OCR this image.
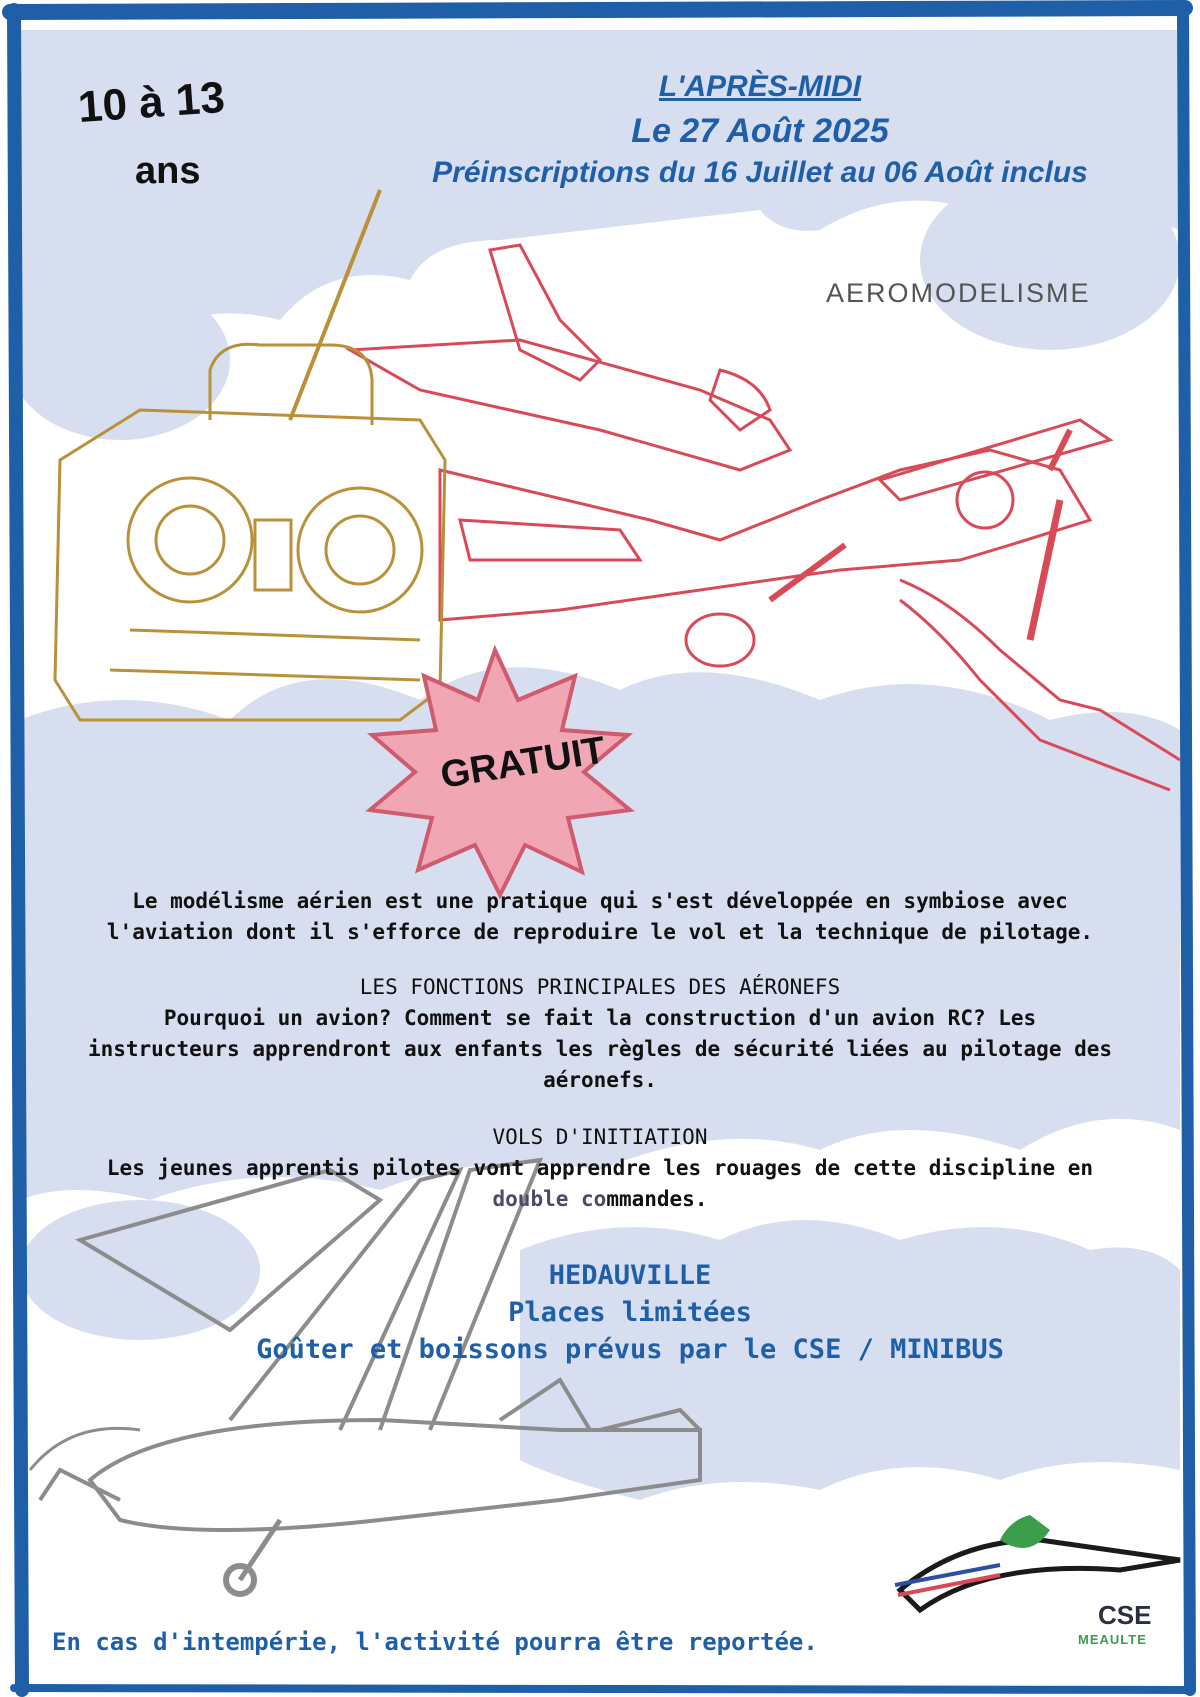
10 à 13
ans
L'APRÈS-MIDI
Le 27 Août 2025
Préinscriptions du 16 Juillet au 06 Août inclus
AEROMODELISME
GRATUIT
Le modélisme aérien est une pratique qui s'est développée en symbiose avec
l'aviation dont il s'efforce de reproduire le vol et la technique de pilotage.
LES FONCTIONS PRINCIPALES DES AÉRONEFS
Pourquoi un avion? Comment se fait la construction d'un avion RC? Les
instructeurs apprendront aux enfants les règles de sécurité liées au pilotage des
aéronefs.
VOLS D'INITIATION
Les jeunes apprentis pilotes vont apprendre les rouages de cette discipline en
double commandes.
HEDAUVILLE
Places limitées
Goûter et boissons prévus par le CSE / MINIBUS
En cas d'intempérie, l'activité pourra être reportée.
CSE
MEAULTE
